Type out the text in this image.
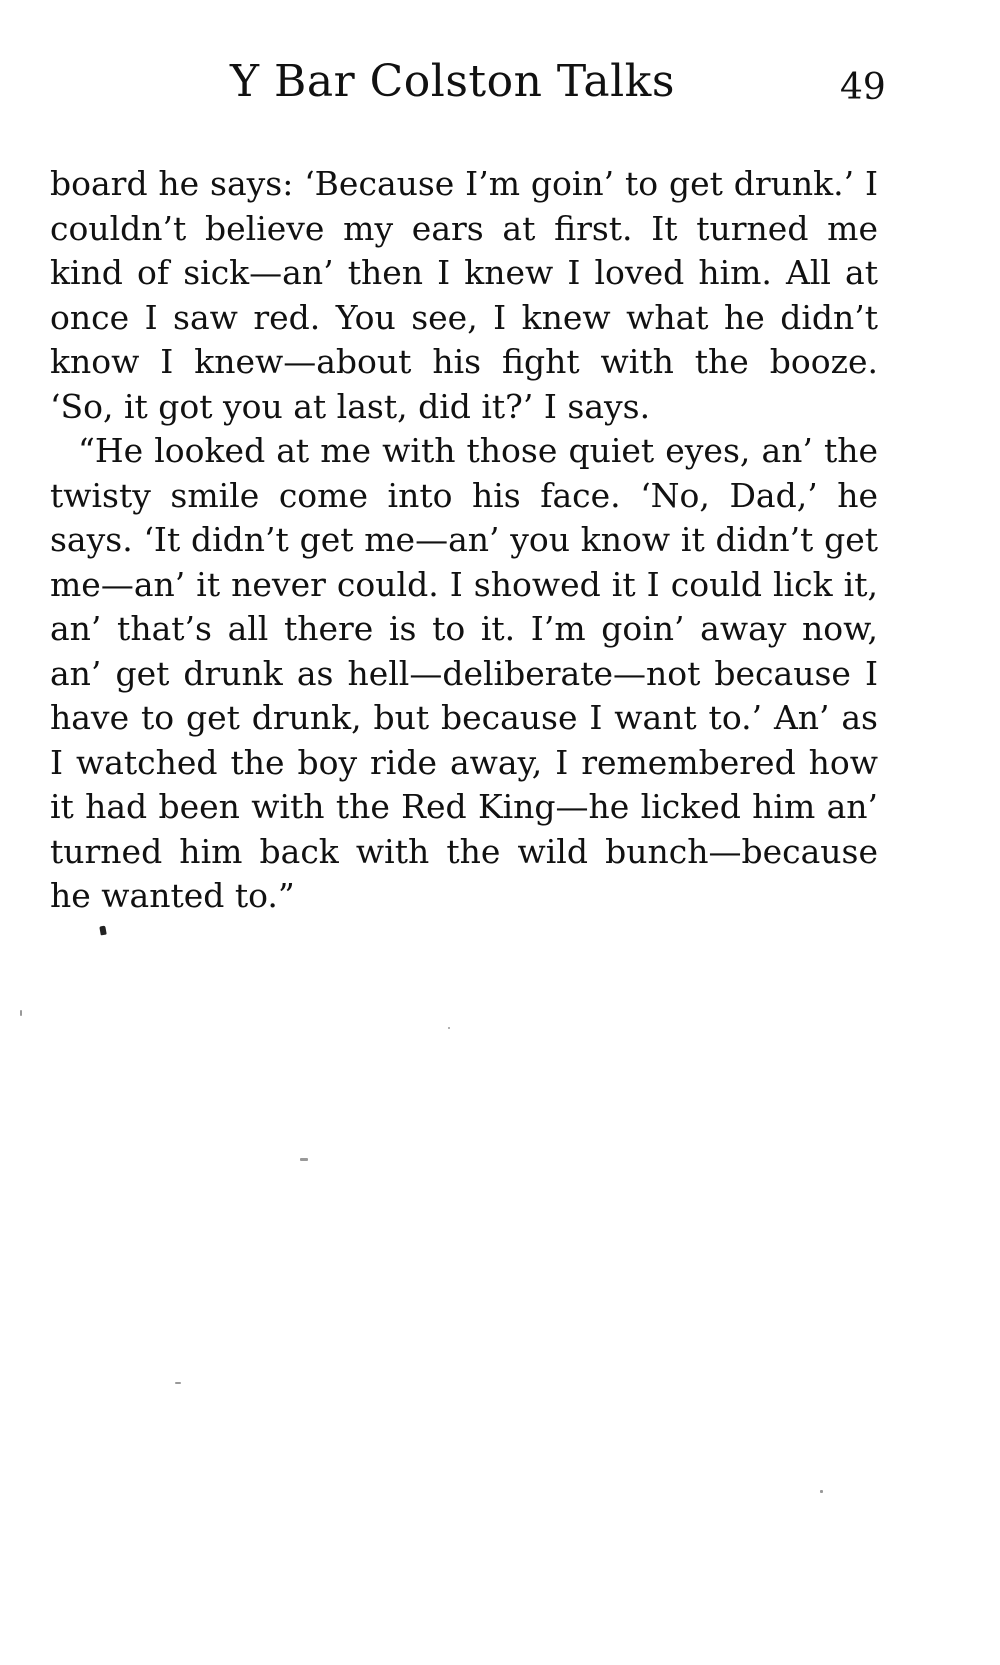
Y Bar Colston Talks	49

board he says: ‘Because I’m goin’ to get drunk.’ I couldn’t believe my ears at first. It turned me kind of sick—an’ then I knew I loved him. All at once I saw red. You see, I knew what he didn’t know I knew—about his fight with the booze. ‘So, it got you at last, did it?’ I says.

“He looked at me with those quiet eyes, an’ the twisty smile come into his face. ‘No, Dad,’ he says. ‘It didn’t get me—an’ you know it didn’t get me—an’ it never could. I showed it I could lick it, an’ that’s all there is to it. I’m goin’ away now, an’ get drunk as hell—deliberate—not because I have to get drunk, but because I want to.’ An’ as I watched the boy ride away, I remembered how it had been with the Red King—he licked him an’ turned him back with the wild bunch—because he wanted to.”
